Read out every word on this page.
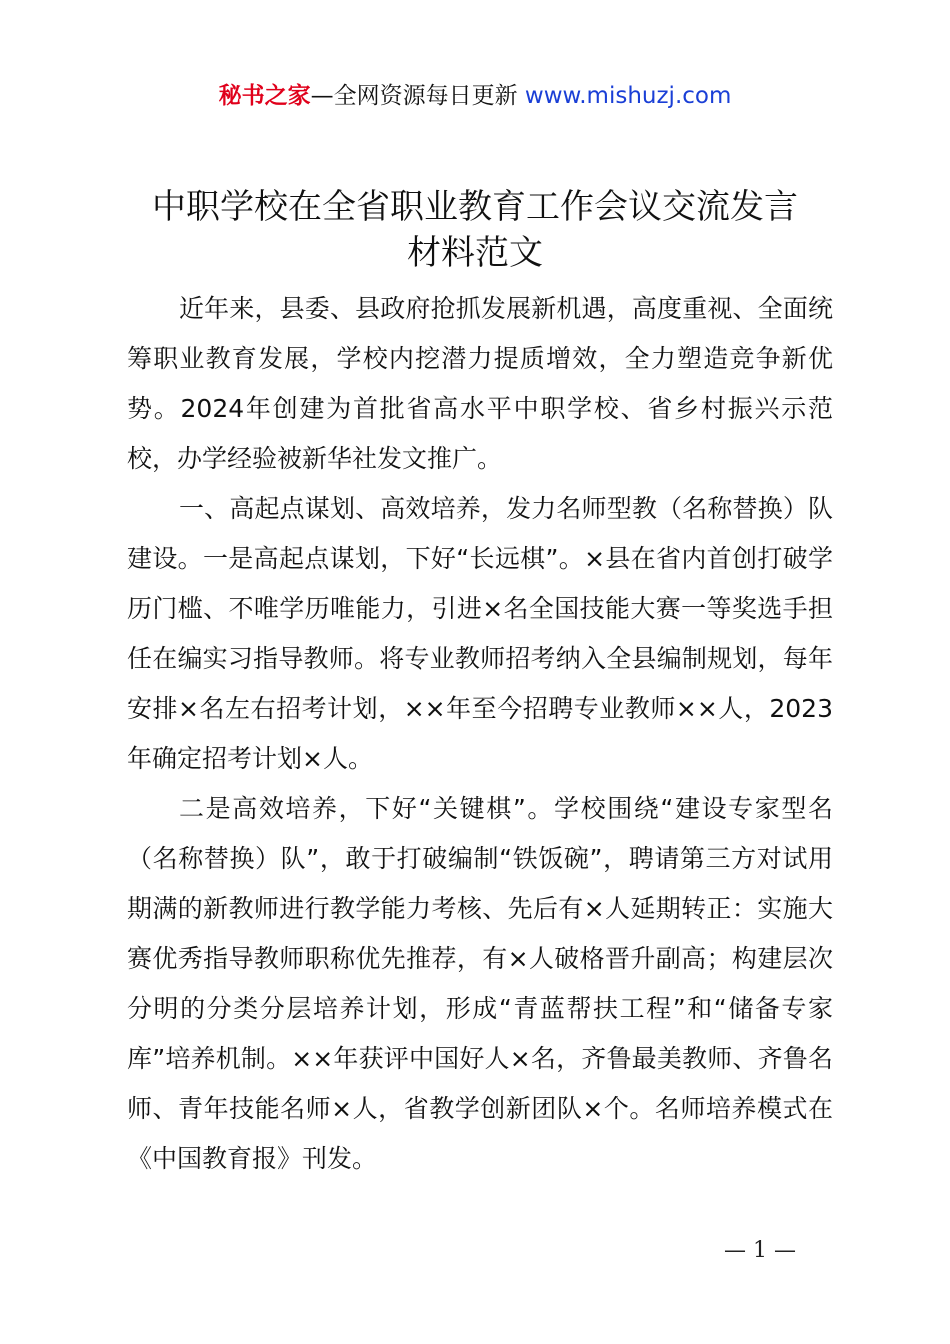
秘书之家—全网资源每日更新 www.mishuzj.com
中职学校在全省职业教育工作会议交流发言
材料范文

近年来，县委、县政府抢抓发展新机遇，高度重视、全面统筹职业教育发展，学校内挖潜力提质增效，全力塑造竞争新优势。2024年创建为首批省高水平中职学校、省乡村振兴示范校，办学经验被新华社发文推广。

一、高起点谋划、高效培养，发力名师型教（名称替换）队建设。一是高起点谋划，下好“长远棋”。×县在省内首创打破学历门槛、不唯学历唯能力，引进×名全国技能大赛一等奖选手担任在编实习指导教师。将专业教师招考纳入全县编制规划，每年安排×名左右招考计划，××年至今招聘专业教师××人，2023年确定招考计划×人。

二是高效培养，下好“关键棋”。学校围绕“建设专家型名（名称替换）队”，敢于打破编制“铁饭碗”，聘请第三方对试用期满的新教师进行教学能力考核、先后有×人延期转正：实施大赛优秀指导教师职称优先推荐，有×人破格晋升副高；构建层次分明的分类分层培养计划，形成“青蓝帮扶工程”和“储备专家库”培养机制。××年获评中国好人×名，齐鲁最美教师、齐鲁名师、青年技能名师×人，省教学创新团队×个。名师培养模式在《中国教育报》刊发。

— 1 —
